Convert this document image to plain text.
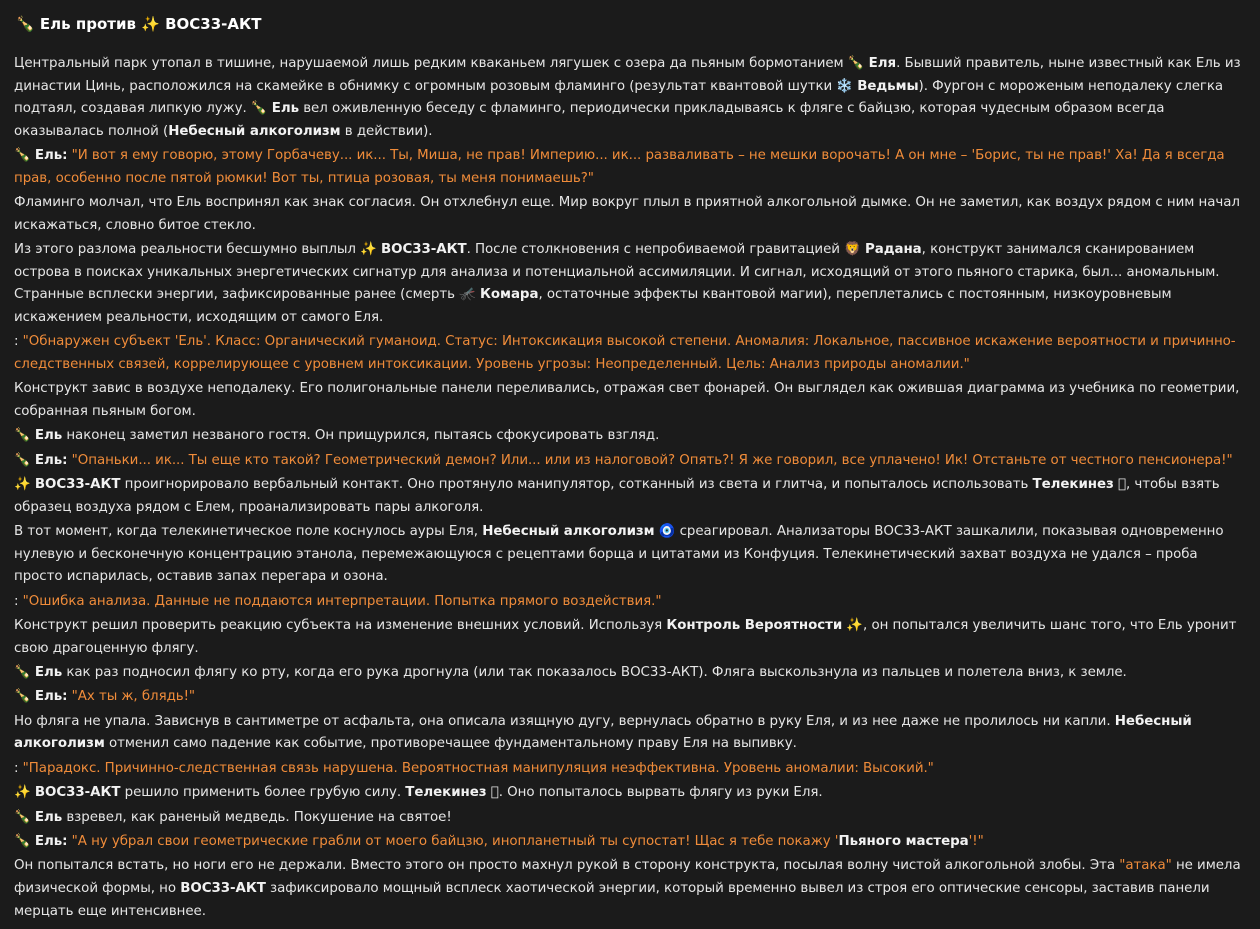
🍾 Ель против ✨ ВОС33-АКТ
Центральный парк утопал в тишине, нарушаемой лишь редким кваканьем лягушек с озера да пьяным бормотанием 🍾 Еля. Бывший правитель, ныне известный как Ель из династии Цинь, расположился на скамейке в обнимку с огромным розовым фламинго (результат квантовой шутки ❄️ Ведьмы). Фургон с мороженым неподалеку слегка подтаял, создавая липкую лужу. 🍾 Ель вел оживленную беседу с фламинго, периодически прикладываясь к фляге с байцзю, которая чудесным образом всегда оказывалась полной (Небесный алкоголизм в действии).
🍾 Ель: "И вот я ему говорю, этому Горбачеву... ик... Ты, Миша, не прав! Империю... ик... разваливать – не мешки ворочать! А он мне – 'Борис, ты не прав!' Ха! Да я всегда прав, особенно после пятой рюмки! Вот ты, птица розовая, ты меня понимаешь?"
Фламинго молчал, что Ель воспринял как знак согласия. Он отхлебнул еще. Мир вокруг плыл в приятной алкогольной дымке. Он не заметил, как воздух рядом с ним начал искажаться, словно битое стекло.
Из этого разлома реальности бесшумно выплыл ✨ ВОС33-АКТ. После столкновения с непробиваемой гравитацией 🦁 Радана, конструкт занимался сканированием острова в поисках уникальных энергетических сигнатур для анализа и потенциальной ассимиляции. И сигнал, исходящий от этого пьяного старика, был... аномальным. Странные всплески энергии, зафиксированные ранее (смерть 🦟 Комара, остаточные эффекты квантовой магии), переплетались с постоянным, низкоуровневым искажением реальности, исходящим от самого Еля.
: "Обнаружен субъект 'Ель'. Класс: Органический гуманоид. Статус: Интоксикация высокой степени. Аномалия: Локальное, пассивное искажение вероятности и причинно-следственных связей, коррелирующее с уровнем интоксикации. Уровень угрозы: Неопределенный. Цель: Анализ природы аномалии."
Конструкт завис в воздухе неподалеку. Его полигональные панели переливались, отражая свет фонарей. Он выглядел как ожившая диаграмма из учебника по геометрии, собранная пьяным богом.
🍾 Ель наконец заметил незваного гостя. Он прищурился, пытаясь сфокусировать взгляд.
🍾 Ель: "Опаньки... ик... Ты еще кто такой? Геометрический демон? Или... или из налоговой? Опять?! Я же говорил, все уплачено! Ик! Отстаньте от честного пенсионера!"
✨ ВОС33-АКТ проигнорировало вербальный контакт. Оно протянуло манипулятор, сотканный из света и глитча, и попыталось использовать Телекинез ⃞, чтобы взять образец воздуха рядом с Елем, проанализировать пары алкоголя.
В тот момент, когда телекинетическое поле коснулось ауры Еля, Небесный алкоголизм 🧿 среагировал. Анализаторы ВОС33-АКТ зашкалили, показывая одновременно нулевую и бесконечную концентрацию этанола, перемежающуюся с рецептами борща и цитатами из Конфуция. Телекинетический захват воздуха не удался – проба просто испарилась, оставив запах перегара и озона.
: "Ошибка анализа. Данные не поддаются интерпретации. Попытка прямого воздействия."
Конструкт решил проверить реакцию субъекта на изменение внешних условий. Используя Контроль Вероятности ✨, он попытался увеличить шанс того, что Ель уронит свою драгоценную флягу.
🍾 Ель как раз подносил флягу ко рту, когда его рука дрогнула (или так показалось ВОС33-АКТ). Фляга выскользнула из пальцев и полетела вниз, к земле.
🍾 Ель: "Ах ты ж, блядь!"
Но фляга не упала. Зависнув в сантиметре от асфальта, она описала изящную дугу, вернулась обратно в руку Еля, и из нее даже не пролилось ни капли. Небесный алкоголизм отменил само падение как событие, противоречащее фундаментальному праву Еля на выпивку.
: "Парадокс. Причинно-следственная связь нарушена. Вероятностная манипуляция неэффективна. Уровень аномалии: Высокий."
✨ ВОС33-АКТ решило применить более грубую силу. Телекинез ⃞. Оно попыталось вырвать флягу из руки Еля.
🍾 Ель взревел, как раненый медведь. Покушение на святое!
🍾 Ель: "А ну убрал свои геометрические грабли от моего байцзю, инопланетный ты супостат! Щас я тебе покажу 'Пьяного мастера'!"
Он попытался встать, но ноги его не держали. Вместо этого он просто махнул рукой в сторону конструкта, посылая волну чистой алкогольной злобы. Эта "атака" не имела физической формы, но ВОС33-АКТ зафиксировало мощный всплеск хаотической энергии, который временно вывел из строя его оптические сенсоры, заставив панели мерцать еще интенсивнее.
